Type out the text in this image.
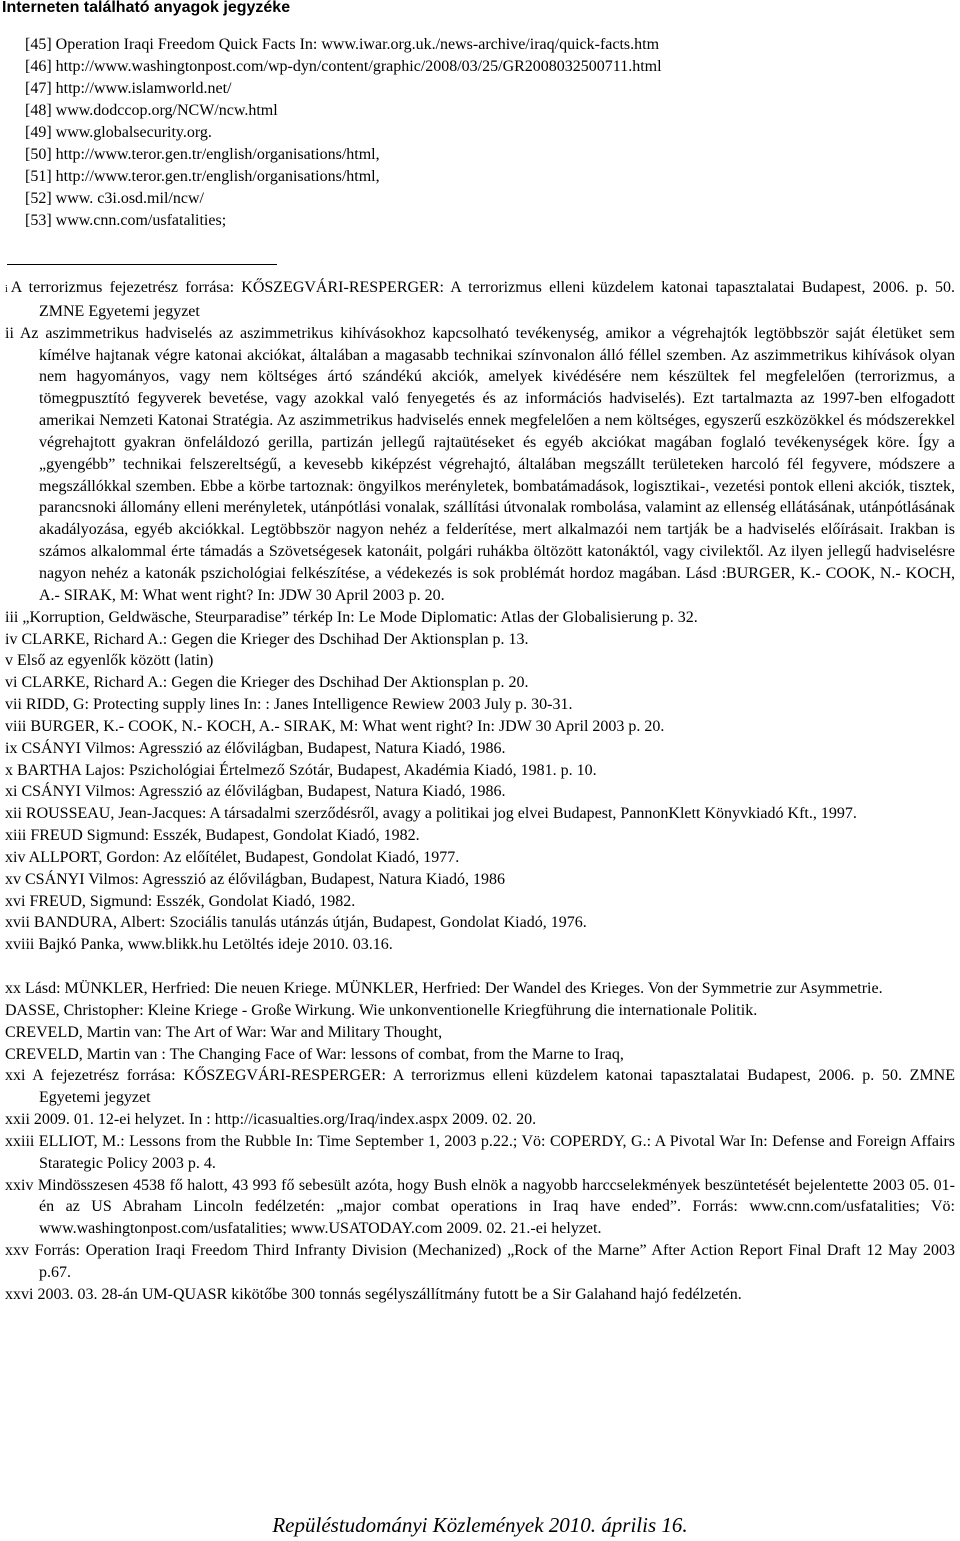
Interneten található anyagok jegyzéke
[45] Operation Iraqi Freedom Quick Facts In: www.iwar.org.uk./news-archive/iraq/quick-facts.htm
[46] http://www.washingtonpost.com/wp-dyn/content/graphic/2008/03/25/GR2008032500711.html
[47] http://www.islamworld.net/
[48] www.dodccop.org/NCW/ncw.html
[49] www.globalsecurity.org.
[50] http://www.teror.gen.tr/english/organisations/html,
[51] http://www.teror.gen.tr/english/organisations/html,
[52] www. c3i.osd.mil/ncw/
[53] www.cnn.com/usfatalities;

i A terrorizmus fejezetrész forrása: KŐSZEGVÁRI-RESPERGER: A terrorizmus elleni küzdelem katonai tapasztalatai Budapest, 2006. p. 50. ZMNE Egyetemi jegyzet

ii Az aszimmetrikus hadviselés az aszimmetrikus kihívásokhoz kapcsolható tevékenység, amikor a végrehajtók legtöbbször saját életüket sem kímélve hajtanak végre katonai akciókat, általában a magasabb technikai színvonalon álló féllel szemben. Az aszimmetrikus kihívások olyan nem hagyományos, vagy nem költséges ártó szándékú akciók, amelyek kivédésére nem készültek fel megfelelően (terrorizmus, a tömegpusztító fegyverek bevetése, vagy azokkal való fenyegetés és az információs hadviselés). Ezt tartalmazta az 1997-ben elfogadott amerikai Nemzeti Katonai Stratégia. Az aszimmetrikus hadviselés ennek megfelelően a nem költséges, egyszerű eszközökkel és módszerekkel végrehajtott gyakran önfeláldozó gerilla, partizán jellegű rajtaütéseket és egyéb akciókat magában foglaló tevékenységek köre. Így a „gyengébb” technikai felszereltségű, a kevesebb kiképzést végrehajtó, általában megszállt területeken harcoló fél fegyvere, módszere a megszállókkal szemben. Ebbe a körbe tartoznak: öngyilkos merényletek, bombatámadások, logisztikai-, vezetési pontok elleni akciók, tisztek, parancsnoki állomány elleni merényletek, utánpótlási vonalak, szállítási útvonalak rombolása, valamint az ellenség ellátásának, utánpótlásának akadályozása, egyéb akciókkal. Legtöbbször nagyon nehéz a felderítése, mert alkalmazói nem tartják be a hadviselés előírásait. Irakban is számos alkalommal érte támadás a Szövetségesek katonáit, polgári ruhákba öltözött katonáktól, vagy civilektől. Az ilyen jellegű hadviselésre nagyon nehéz a katonák pszichológiai felkészítése, a védekezés is sok problémát hordoz magában. Lásd :BURGER, K.- COOK, N.- KOCH, A.- SIRAK, M: What went right? In: JDW 30 April 2003 p. 20.

iii „Korruption, Geldwäsche, Steurparadise” térkép In: Le Mode Diplomatic: Atlas der Globalisierung p. 32.

iv CLARKE, Richard A.: Gegen die Krieger des Dschihad Der Aktionsplan p. 13.

v Első az egyenlők között (latin)

vi CLARKE, Richard A.: Gegen die Krieger des Dschihad Der Aktionsplan p. 20.

vii RIDD, G: Protecting supply lines In: : Janes Intelligence Rewiew 2003 July p. 30-31.

viii BURGER, K.- COOK, N.- KOCH, A.- SIRAK, M: What went right? In: JDW 30 April 2003 p. 20.

ix CSÁNYI Vilmos: Agresszió az élővilágban, Budapest, Natura Kiadó, 1986.

x BARTHA Lajos: Pszichológiai Értelmező Szótár, Budapest, Akadémia Kiadó, 1981. p. 10.

xi CSÁNYI Vilmos: Agresszió az élővilágban, Budapest, Natura Kiadó, 1986.

xii ROUSSEAU, Jean-Jacques: A társadalmi szerződésről, avagy a politikai jog elvei Budapest, PannonKlett Könyvkiadó Kft., 1997.

xiii FREUD Sigmund: Esszék, Budapest, Gondolat Kiadó, 1982.

xiv ALLPORT, Gordon: Az előítélet, Budapest, Gondolat Kiadó, 1977.

xv CSÁNYI Vilmos: Agresszió az élővilágban, Budapest, Natura Kiadó, 1986

xvi FREUD, Sigmund: Esszék, Gondolat Kiadó, 1982.

xvii BANDURA, Albert: Szociális tanulás utánzás útján, Budapest, Gondolat Kiadó, 1976.

xviii Bajkó Panka, www.blikk.hu Letöltés ideje 2010. 03.16.

xx Lásd: MÜNKLER, Herfried: Die neuen Kriege. MÜNKLER, Herfried: Der Wandel des Krieges. Von der Symmetrie zur Asymmetrie.

DASSE, Christopher: Kleine Kriege - Große Wirkung. Wie unkonventionelle Kriegführung die internationale Politik.

CREVELD, Martin van: The Art of War: War and Military Thought,

CREVELD, Martin van : The Changing Face of War: lessons of combat, from the Marne to Iraq,

xxi A fejezetrész forrása: KŐSZEGVÁRI-RESPERGER: A terrorizmus elleni küzdelem katonai tapasztalatai Budapest, 2006. p. 50. ZMNE Egyetemi jegyzet

xxii 2009. 01. 12-ei helyzet. In : http://icasualties.org/Iraq/index.aspx 2009. 02. 20.

xxiii ELLIOT, M.: Lessons from the Rubble In: Time September 1, 2003 p.22.; Vö: COPERDY, G.: A Pivotal War In: Defense and Foreign Affairs Starategic Policy 2003 p. 4.

xxiv Mindösszesen 4538 fő halott, 43 993 fő sebesült azóta, hogy Bush elnök a nagyobb harccselekmények beszüntetését bejelentette 2003 05. 01-én az US Abraham Lincoln fedélzetén: „major combat operations in Iraq have ended”. Forrás: www.cnn.com/usfatalities; Vö: www.washingtonpost.com/usfatalities; www.USATODAY.com 2009. 02. 21.-ei helyzet.

xxv Forrás: Operation Iraqi Freedom Third Infranty Division (Mechanized) „Rock of the Marne” After Action Report Final Draft 12 May 2003 p.67.

xxvi 2003. 03. 28-án UM-QUASR kikötőbe 300 tonnás segélyszállítmány futott be a Sir Galahand hajó fedélzetén.

Repüléstudományi Közlemények 2010. április 16.
